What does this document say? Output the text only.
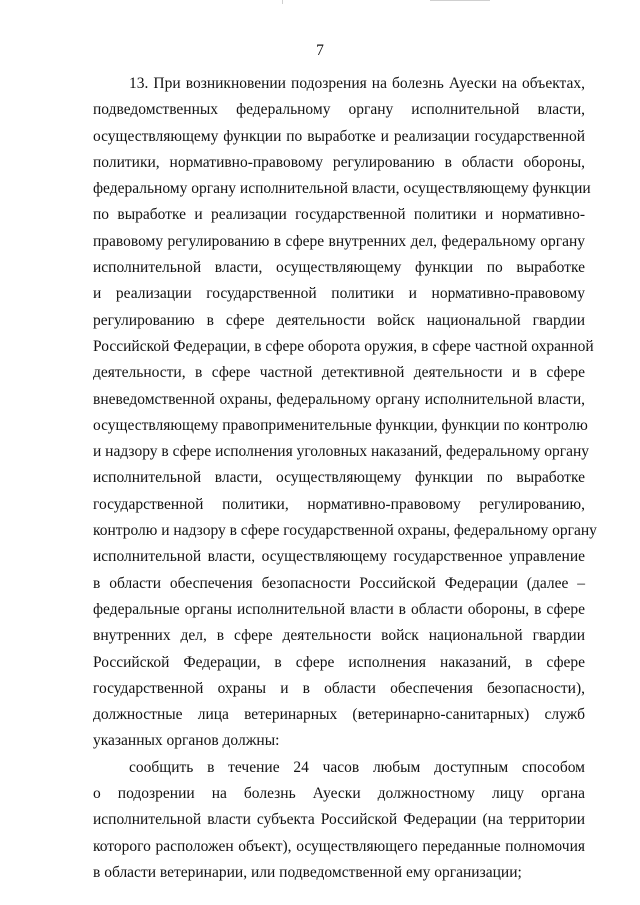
7
13. При возникновении подозрения на болезнь Ауески на объектах,
подведомственных федеральному органу исполнительной власти,
осуществляющему функции по выработке и реализации государственной
политики, нормативно-правовому регулированию в области обороны,
федеральному органу исполнительной власти, осуществляющему функции
по выработке и реализации государственной политики и нормативно-
правовому регулированию в сфере внутренних дел, федеральному органу
исполнительной власти, осуществляющему функции по выработке
и реализации государственной политики и нормативно-правовому
регулированию в сфере деятельности войск национальной гвардии
Российской Федерации, в сфере оборота оружия, в сфере частной охранной
деятельности, в сфере частной детективной деятельности и в сфере
вневедомственной охраны, федеральному органу исполнительной власти,
осуществляющему правоприменительные функции, функции по контролю
и надзору в сфере исполнения уголовных наказаний, федеральному органу
исполнительной власти, осуществляющему функции по выработке
государственной политики, нормативно-правовому регулированию,
контролю и надзору в сфере государственной охраны, федеральному органу
исполнительной власти, осуществляющему государственное управление
в области обеспечения безопасности Российской Федерации (далее –
федеральные органы исполнительной власти в области обороны, в сфере
внутренних дел, в сфере деятельности войск национальной гвардии
Российской Федерации, в сфере исполнения наказаний, в сфере
государственной охраны и в области обеспечения безопасности),
должностные лица ветеринарных (ветеринарно-санитарных) служб
указанных органов должны:
сообщить в течение 24 часов любым доступным способом
о подозрении на болезнь Ауески должностному лицу органа
исполнительной власти субъекта Российской Федерации (на территории
которого расположен объект), осуществляющего переданные полномочия
в области ветеринарии, или подведомственной ему организации;
